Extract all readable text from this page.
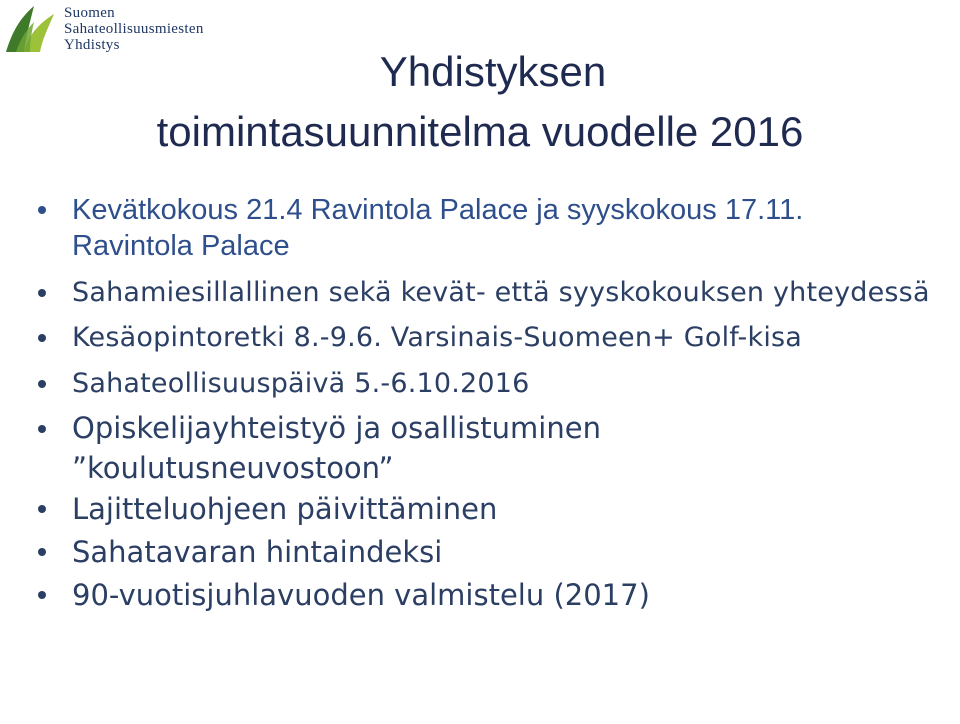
Suomen
Sahateollisuusmiesten
Yhdistys
Yhdistyksen
toimintasuunnitelma vuodelle 2016
Kevätkokous 21.4 Ravintola Palace ja syyskokous 17.11. Ravintola Palace
Sahamiesillallinen sekä kevät- että syyskokouksen yhteydessä
Kesäopintoretki 8.-9.6. Varsinais-Suomeen+ Golf-kisa
Sahateollisuuspäivä 5.-6.10.2016
Opiskelijayhteistyö ja osallistuminen ”koulutusneuvostoon”
Lajitteluohjeen päivittäminen
Sahatavaran hintaindeksi
90-vuotisjuhlavuoden valmistelu (2017)
